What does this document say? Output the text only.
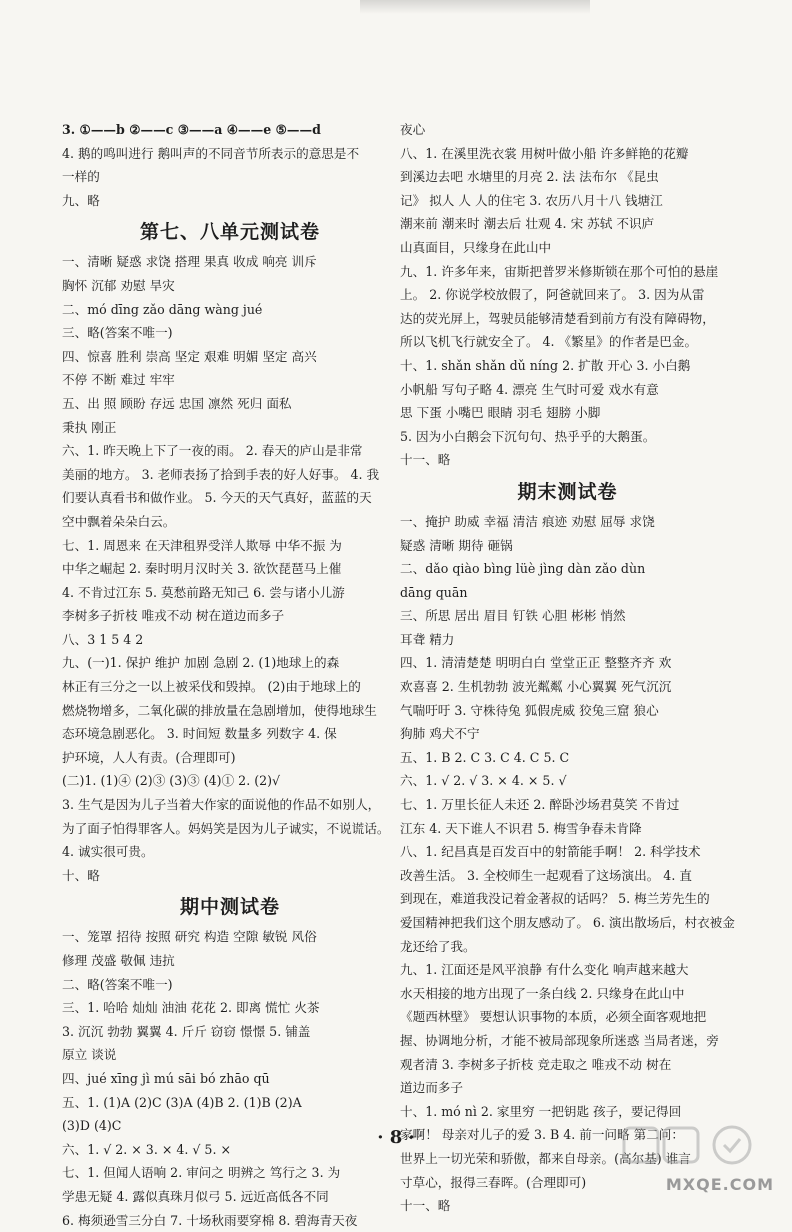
3. ①——b ②——c ③——a ④——e ⑤——d
4. 鹅的鸣叫进行 鹅叫声的不同音节所表示的意思是不
一样的
九、略
第七、八单元测试卷
一、清晰 疑惑 求饶 搭理 果真 收成 响亮 训斥
胸怀 沉郁 劝慰 旱灾
二、mó dīng zǎo dāng wàng jué
三、略(答案不唯一)
四、惊喜 胜利 崇高 坚定 艰难 明媚 坚定 高兴
不停 不断 难过 牢牢
五、出 照 顾盼 存远 忠国 凛然 死归 面私
秉执 刚正
六、1. 昨天晚上下了一夜的雨。 2. 春天的庐山是非常
美丽的地方。 3. 老师表扬了拾到手表的好人好事。 4. 我
们要认真看书和做作业。 5. 今天的天气真好，蓝蓝的天
空中飘着朵朵白云。
七、1. 周恩来 在天津租界受洋人欺辱 中华不振 为
中华之崛起 2. 秦时明月汉时关 3. 欲饮琵琶马上催
4. 不肯过江东 5. 莫愁前路无知己 6. 尝与诸小儿游
李树多子折枝 唯戎不动 树在道边而多子
八、3 1 5 4 2
九、(一)1. 保护 维护 加剧 急剧 2. (1)地球上的森
林正有三分之一以上被采伐和毁掉。 (2)由于地球上的
燃烧物增多，二氧化碳的排放量在急剧增加，使得地球生
态环境急剧恶化。 3. 时间短 数量多 列数字 4. 保
护环境，人人有责。(合理即可)
(二)1. (1)④ (2)③ (3)③ (4)① 2. (2)√
3. 生气是因为儿子当着大作家的面说他的作品不如别人，
为了面子怕得罪客人。妈妈笑是因为儿子诚实，不说谎话。
4. 诚实很可贵。
十、略
期中测试卷
一、笼罩 招待 按照 研究 构造 空隙 敏锐 风俗
修理 茂盛 敬佩 违抗
二、略(答案不唯一)
三、1. 哈哈 灿灿 油油 花花 2. 即离 慌忙 火茶
3. 沉沉 勃勃 翼翼 4. 斤斤 窃窃 憬憬 5. 铺盖
原立 谈说
四、jué xīng jì mú sāi bó zhāo qū
五、1. (1)A (2)C (3)A (4)B 2. (1)B (2)A
(3)D (4)C
六、1. √ 2. × 3. × 4. √ 5. ×
七、1. 但闻人语响 2. 审问之 明辨之 笃行之 3. 为
学患无疑 4. 露似真珠月似弓 5. 远近高低各不同
6. 梅须逊雪三分白 7. 十场秋雨要穿棉 8. 碧海青天夜
夜心
八、1. 在溪里洗衣裳 用树叶做小船 许多鲜艳的花瓣
到溪边去吧 水塘里的月亮 2. 法 法布尔 《昆虫
记》 拟人 人 人的住宅 3. 农历八月十八 钱塘江
潮来前 潮来时 潮去后 壮观 4. 宋 苏轼 不识庐
山真面目，只缘身在此山中
九、1. 许多年来，宙斯把普罗米修斯锁在那个可怕的悬崖
上。 2. 你说学校放假了，阿爸就回来了。 3. 因为从雷
达的荧光屏上，驾驶员能够清楚看到前方有没有障碍物，
所以飞机飞行就安全了。 4. 《繁星》的作者是巴金。
十、1. shǎn shǎn dǔ níng 2. 扩散 开心 3. 小白鹅
小帆船 写句子略 4. 漂亮 生气时可爱 戏水有意
思 下蛋 小嘴巴 眼睛 羽毛 翅膀 小脚
5. 因为小白鹅会下沉句句、热乎乎的大鹅蛋。
十一、略
期末测试卷
一、掩护 助威 幸福 清洁 痕迹 劝慰 屈辱 求饶
疑惑 清晰 期待 砸锅
二、dǎo qiào bìng lüè jìng dàn zǎo dùn
dāng quān
三、所思 居出 眉目 钉铁 心胆 彬彬 悄然
耳聋 精力
四、1. 清清楚楚 明明白白 堂堂正正 整整齐齐 欢
欢喜喜 2. 生机勃勃 波光粼粼 小心翼翼 死气沉沉
气喘吁吁 3. 守株待兔 狐假虎威 狡兔三窟 狼心
狗肺 鸡犬不宁
五、1. B 2. C 3. C 4. C 5. C
六、1. √ 2. √ 3. × 4. × 5. √
七、1. 万里长征人未还 2. 醉卧沙场君莫笑 不肯过
江东 4. 天下谁人不识君 5. 梅雪争春未肯降
八、1. 纪昌真是百发百中的射箭能手啊！ 2. 科学技术
改善生活。 3. 全校师生一起观看了这场演出。 4. 直
到现在，难道我没记着金著叔的话吗？ 5. 梅兰芳先生的
爱国精神把我们这个朋友感动了。 6. 演出散场后，村衣被金
龙还给了我。
九、1. 江面还是风平浪静 有什么变化 响声越来越大
水天相接的地方出现了一条白线 2. 只缘身在此山中
《题西林壁》 要想认识事物的本质，必须全面客观地把
握、协调地分析，才能不被局部现象所迷惑 当局者迷，旁
观者清 3. 李树多子折枝 竞走取之 唯戎不动 树在
道边而多子
十、1. mó nì 2. 家里穷 一把钥匙 孩子，要记得回
家啊！ 母亲对儿子的爱 3. B 4. 前一问略 第二问：
世界上一切光荣和骄傲，都来自母亲。(高尔基) 谁言
寸草心，报得三春晖。(合理即可)
十一、略
· 8 ·
MXQE.COM
